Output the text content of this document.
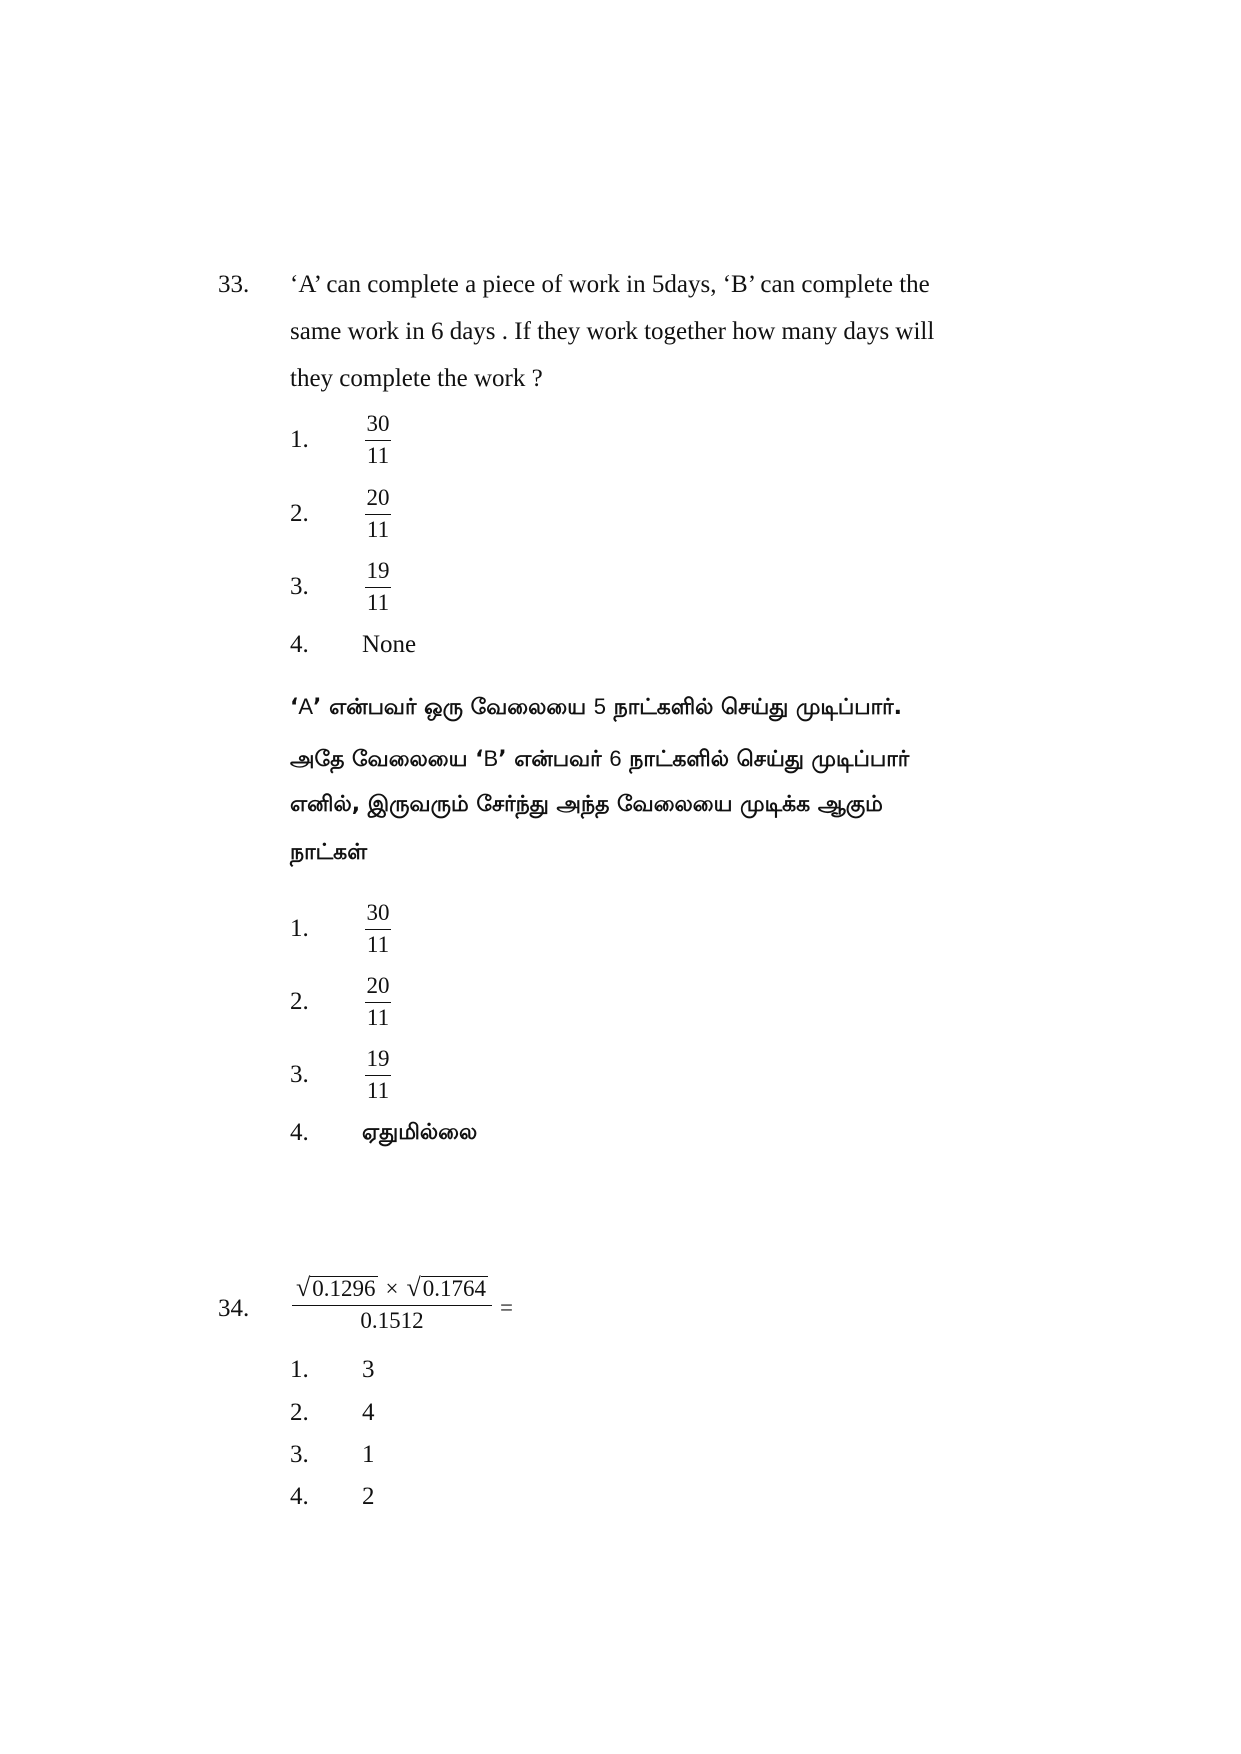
33. ‘A’ can complete a piece of work in 5days, ‘B’ can complete the
same work in 6 days . If they work together how many days will
they complete the work ?
1.
30
11
2.
20
11
3.
19
11
4. None
‘A’ என்பவர் ஒரு வேலையை 5 நாட்களில் செய்து முடிப்பார்.
அதே வேலையை ‘B’ என்பவர் 6 நாட்களில் செய்து முடிப்பார்
எனில், இருவரும் சேர்ந்து அந்த வேலையை முடிக்க ஆகும்
நாட்கள்
1.
30
11
2.
20
11
3.
19
11
4. ஏதுமில்லை
34.
√ 0.1296 × √ 0.1764
0.1512
=
1. 3
2. 4
3. 1
4. 2
